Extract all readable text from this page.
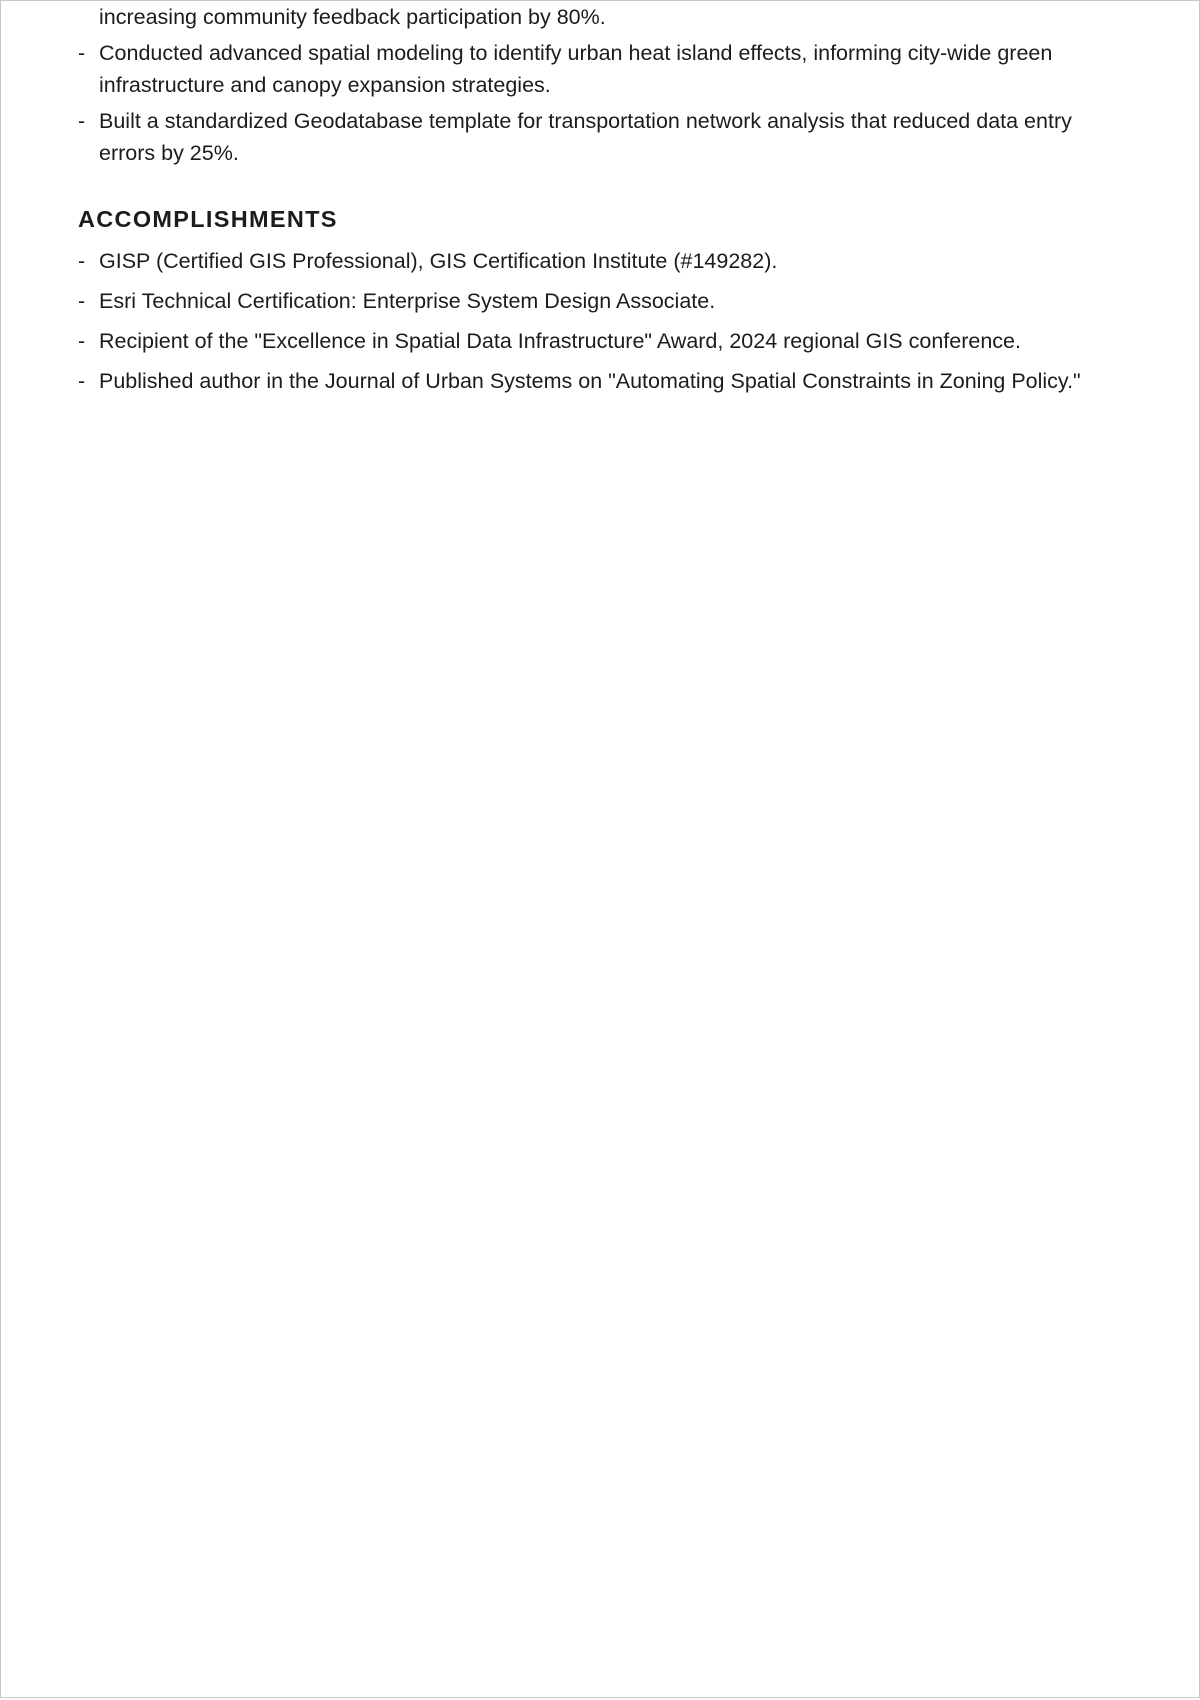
increasing community feedback participation by 80%.
- Conducted advanced spatial modeling to identify urban heat island effects, informing city-wide green infrastructure and canopy expansion strategies.
- Built a standardized Geodatabase template for transportation network analysis that reduced data entry errors by 25%.
ACCOMPLISHMENTS
- GISP (Certified GIS Professional), GIS Certification Institute (#149282).
- Esri Technical Certification: Enterprise System Design Associate.
- Recipient of the "Excellence in Spatial Data Infrastructure" Award, 2024 regional GIS conference.
- Published author in the Journal of Urban Systems on "Automating Spatial Constraints in Zoning Policy."
